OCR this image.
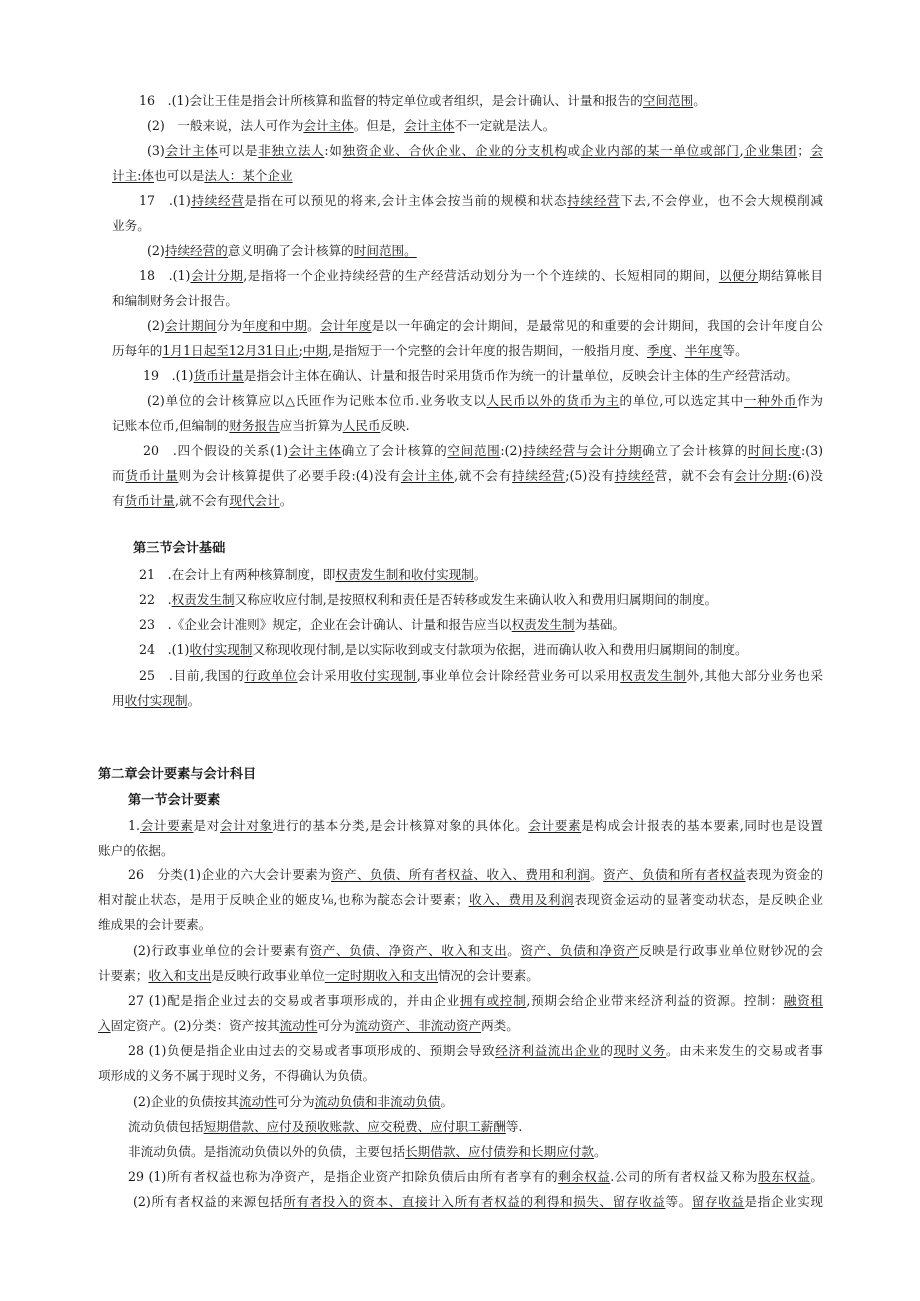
16　.(1)会让王佳是指会计所核算和监督的特定单位或者组织，是会计确认、计量和报告的空间范围。
(2)　一般来说，法人可作为会计主体。但是，会计主体不一定就是法人。
(3)会计主体可以是非独立法人:如独资企业、合伙企业、企业的分支机构或企业内部的某一单位或部门,企业集团；会
计主:体也可以是法人：某个企业
17　.(1)持续经营是指在可以预见的将来,会计主体会按当前的规模和状态持续经营下去,不会停业，也不会大规模削减
业务。
(2)持续经营的意义明确了会计核算的时间范围。
18　.(1)会计分期,是指将一个企业持续经营的生产经营活动划分为一个个连续的、长短相同的期间，以便分期结算帐目
和编制财务会计报告。
(2)会计期间分为年度和中期。会计年度是以一年确定的会计期间，是最常见的和重要的会计期间，我国的会计年度自公
历每年的1月1日起至12月31日止;中期,是指短于一个完整的会计年度的报告期间，一般指月度、季度、半年度等。
19　.(1)货币计量是指会计主体在确认、计量和报告时采用货币作为统一的计量单位，反映会计主体的生产经营活动。
(2)单位的会计核算应以△氏匝作为记账本位币.业务收支以人民币以外的货币为主的单位,可以选定其中一种外币作为
记账本位币,但编制的财务报告应当折算为人民币反映.
20　.四个假设的关系(1)会计主体确立了会计核算的空间范围:(2)持续经营与会计分期确立了会计核算的时间长度:(3)
而货币计量则为会计核算提供了必要手段:(4)没有会计主体,就不会有持续经营;(5)没有持续经营，就不会有会计分期:(6)没
有货币计量,就不会有现代会计。
第三节会计基础
21　.在会计上有两种核算制度，即权责发生制和收付实现制。
22　.权责发生制又称应收应付制,是按照权利和责任是否转移或发生来确认收入和费用归属期间的制度。
23　.《企业会计准则》规定，企业在会计确认、计量和报告应当以权责发生制为基础。
24　.(1)收付实现制又称现收现付制,是以实际收到或支付款项为依据，进而确认收入和费用归属期间的制度。
25　.目前,我国的行政单位会计采用收付实现制,事业单位会计除经营业务可以采用权责发生制外,其他大部分业务也采
用收付实现制。
第二章会计要素与会计科目
第一节会计要素
1.会计要素是对会计对象进行的基本分类,是会计核算对象的具体化。会计要素是构成会计报表的基本要素,同时也是设置
账户的依据。
26　分类(1)企业的六大会计要素为资产、负债、所有者权益、收入、费用和利润。资产、负债和所有者权益表现为资金的
相对靛止状态，是用于反映企业的姬皮⅛,也称为靛态会计要素；收入、费用及利润表现资金运动的显著变动状态，是反映企业
维成果的会计要素。
(2)行政事业单位的会计要素有资产、负债、净资产、收入和支出。资产、负债和净资产反映是行政事业单位财钞况的会
计要素；收入和支出是反映行政事业单位一定时期收入和支出情况的会计要素。
27 (1)配是指企业过去的交易或者事项形成的，并由企业拥有或控制,预期会给企业带来经济利益的资源。控制：融资租
入固定资产。(2)分类：资产按其流动性可分为流动资产、非流动资产两类。
28 (1)负便是指企业由过去的交易或者事项形成的、预期会导致经济利益流出企业的现时义务。由未来发生的交易或者事
项形成的义务不属于现时义务，不得确认为负债。
(2)企业的负债按其流动性可分为流动负债和非流动负债。
流动负债包括短期借款、应付及预收账款、应交税费、应付职工薪酬等.
非流动负债。是指流动负债以外的负债，主要包括长期借款、应付债券和长期应付款。
29 (1)所有者权益也称为净资产，是指企业资产扣除负债后由所有者享有的剩余权益.公司的所有者权益又称为股东权益。
(2)所有者权益的来源包括所有者投入的资本、直接计入所有者权益的利得和损失、留存收益等。留存收益是指企业实现
